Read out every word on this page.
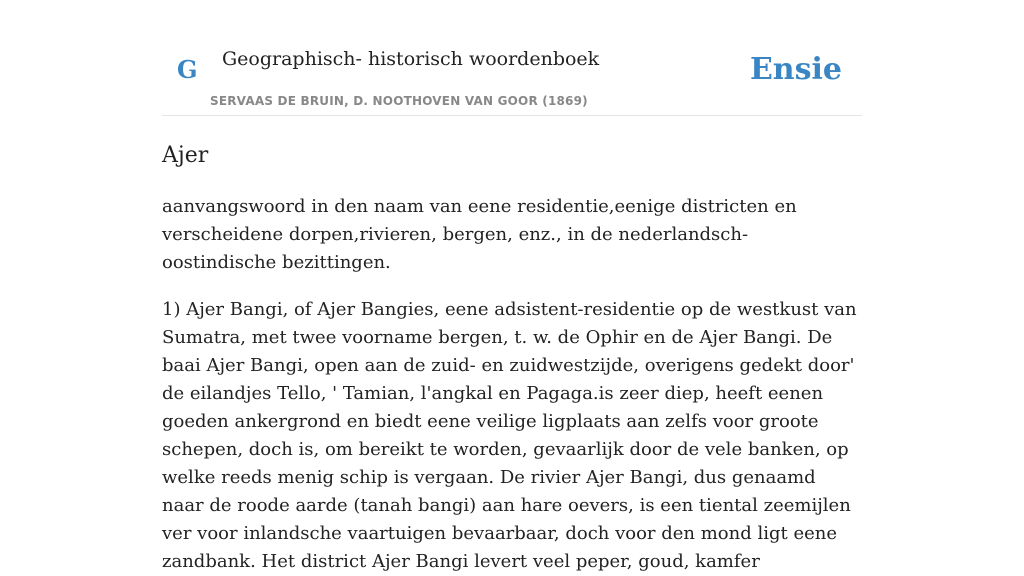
G Geographisch- historisch woordenboek
SERVAAS DE BRUIN, D. NOOTHOVEN VAN GOOR (1869)
Ensie
Ajer

aanvangswoord in den naam van eene residentie,eenige districten en verscheidene dorpen,rivieren, bergen, enz., in de nederlandsch-oostindische bezittingen.

1) Ajer Bangi, of Ajer Bangies, eene adsistent-residentie op de westkust van Sumatra, met twee voorname bergen, t. w. de Ophir en de Ajer Bangi. De baai Ajer Bangi, open aan de zuid- en zuidwestzijde, overigens gedekt door' de eilandjes Tello, ' Tamian, l'angkal en Pagaga.is zeer diep, heeft eenen goeden ankergrond en biedt eene veilige ligplaats aan zelfs voor groote schepen, doch is, om bereikt te worden, gevaarlijk door de vele banken, op welke reeds menig schip is vergaan. De rivier Ajer Bangi, dus genaamd naar de roode aarde (tanah bangi) aan hare oevers, is een tiental zeemijlen ver voor inlandsche vaartuigen bevaarbaar, doch voor den mond ligt eene zandbank. Het district Ajer Bangi levert veel peper, goud, kamfer
